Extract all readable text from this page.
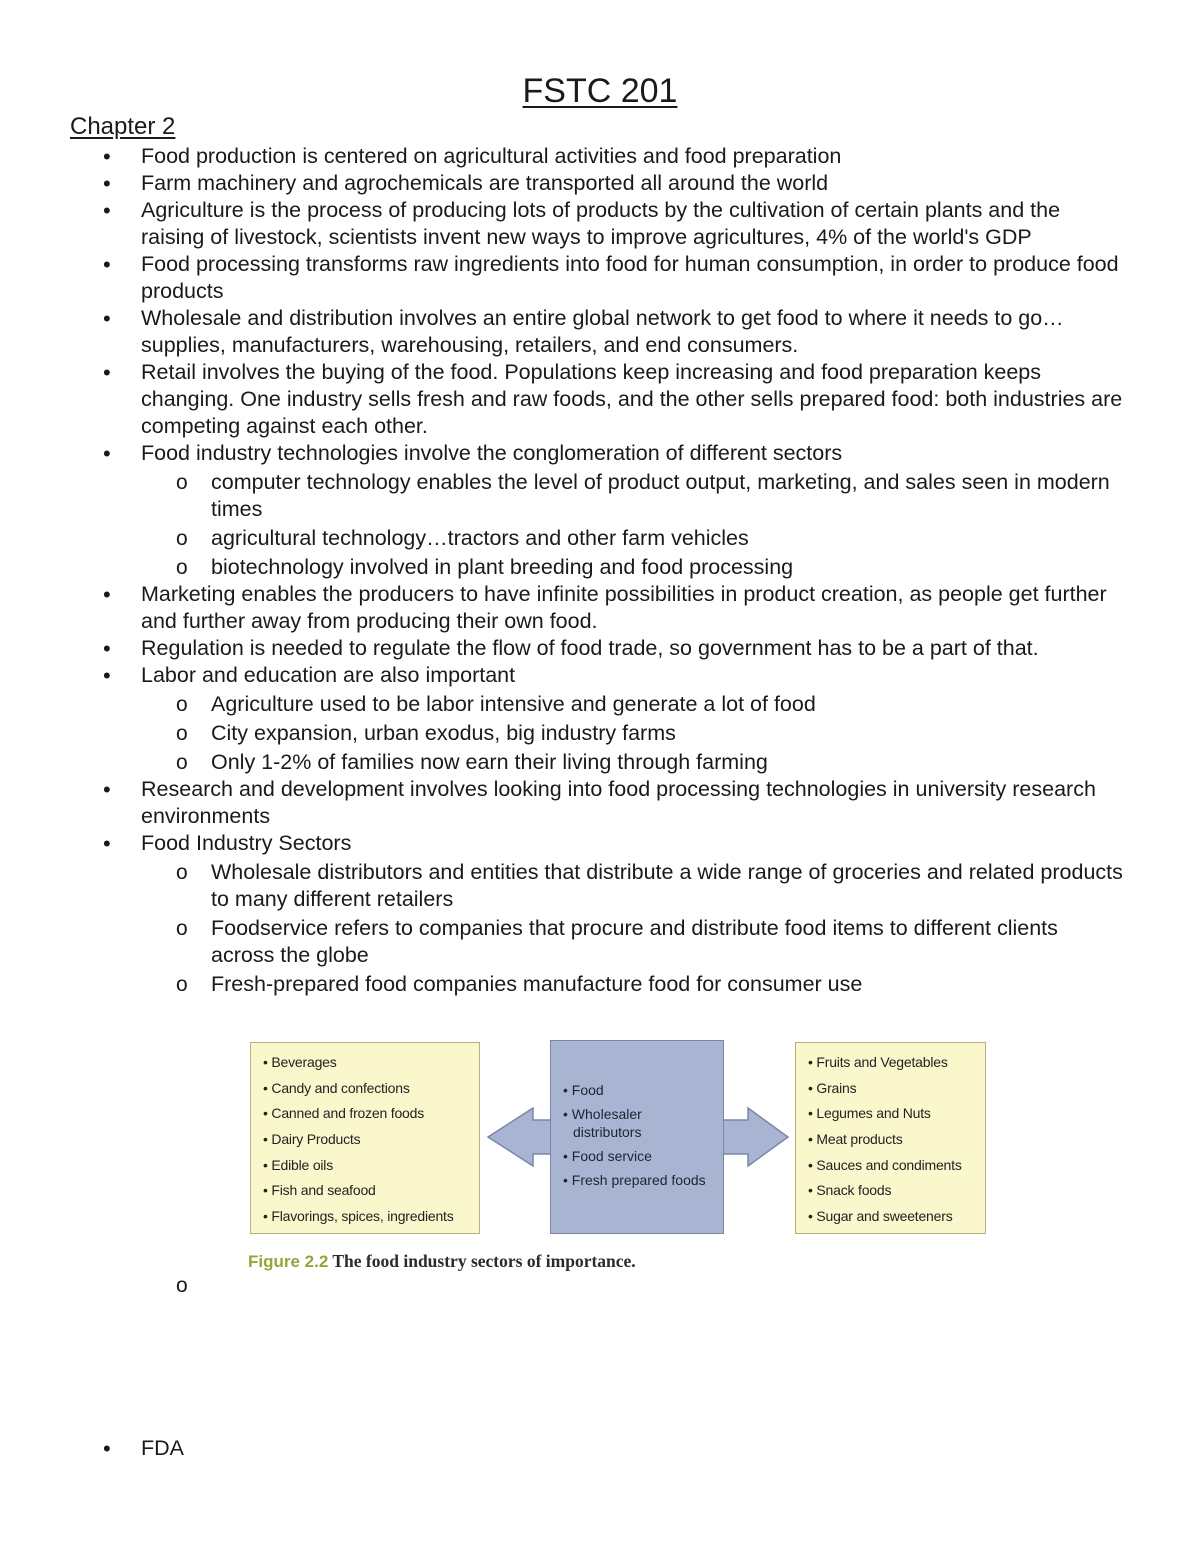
FSTC 201
Chapter 2
• Food production is centered on agricultural activities and food preparation
• Farm machinery and agrochemicals are transported all around the world
• Agriculture is the process of producing lots of products by the cultivation of certain plants and the raising of livestock, scientists invent new ways to improve agricultures, 4% of the world's GDP
• Food processing transforms raw ingredients into food for human consumption, in order to produce food products
• Wholesale and distribution involves an entire global network to get food to where it needs to go…supplies, manufacturers, warehousing, retailers, and end consumers.
• Retail involves the buying of the food. Populations keep increasing and food preparation keeps changing. One industry sells fresh and raw foods, and the other sells prepared food: both industries are competing against each other.
• Food industry technologies involve the conglomeration of different sectors
o computer technology enables the level of product output, marketing, and sales seen in modern times
o agricultural technology…tractors and other farm vehicles
o biotechnology involved in plant breeding and food processing
• Marketing enables the producers to have infinite possibilities in product creation, as people get further and further away from producing their own food.
• Regulation is needed to regulate the flow of food trade, so government has to be a part of that.
• Labor and education are also important
o Agriculture used to be labor intensive and generate a lot of food
o City expansion, urban exodus, big industry farms
o Only 1-2% of families now earn their living through farming
• Research and development involves looking into food processing technologies in university research environments
• Food Industry Sectors
o Wholesale distributors and entities that distribute a wide range of groceries and related products to many different retailers
o Foodservice refers to companies that procure and distribute food items to different clients across the globe
o Fresh-prepared food companies manufacture food for consumer use
• Beverages
• Candy and confections
• Canned and frozen foods
• Dairy Products
• Edible oils
• Fish and seafood
• Flavorings, spices, ingredients
• Food
• Wholesaler
distributors
• Food service
• Fresh prepared foods
• Fruits and Vegetables
• Grains
• Legumes and Nuts
• Meat products
• Sauces and condiments
• Snack foods
• Sugar and sweeteners
Figure 2.2 The food industry sectors of importance.
o
FDA
